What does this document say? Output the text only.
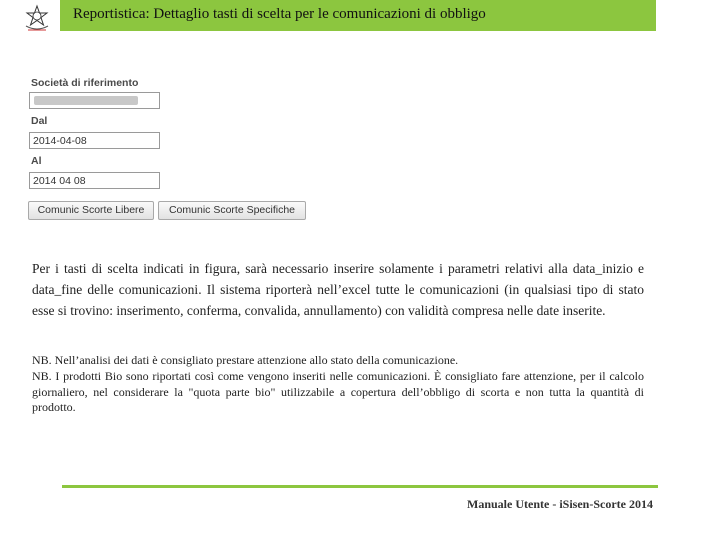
Reportistica: Dettaglio tasti di scelta per le comunicazioni di obbligo
Società di riferimento
Dal
2014-04-08
Al
2014 04 08
Comunic Scorte Libere	Comunic Scorte Specifiche

Per i tasti di scelta indicati in figura, sarà necessario inserire solamente i parametri relativi alla data_inizio e data_fine delle comunicazioni. Il sistema riporterà nell’excel tutte le comunicazioni (in qualsiasi tipo di stato esse si trovino: inserimento, conferma, convalida, annullamento) con validità compresa nelle date inserite.

NB. Nell’analisi dei dati è consigliato prestare attenzione allo stato della comunicazione.

NB. I prodotti Bio sono riportati così come vengono inseriti nelle comunicazioni. È consigliato fare attenzione, per il calcolo giornaliero, nel considerare la "quota parte bio" utilizzabile a copertura dell’obbligo di scorta e non tutta la quantità di prodotto.

Manuale Utente - iSisen-Scorte 2014
